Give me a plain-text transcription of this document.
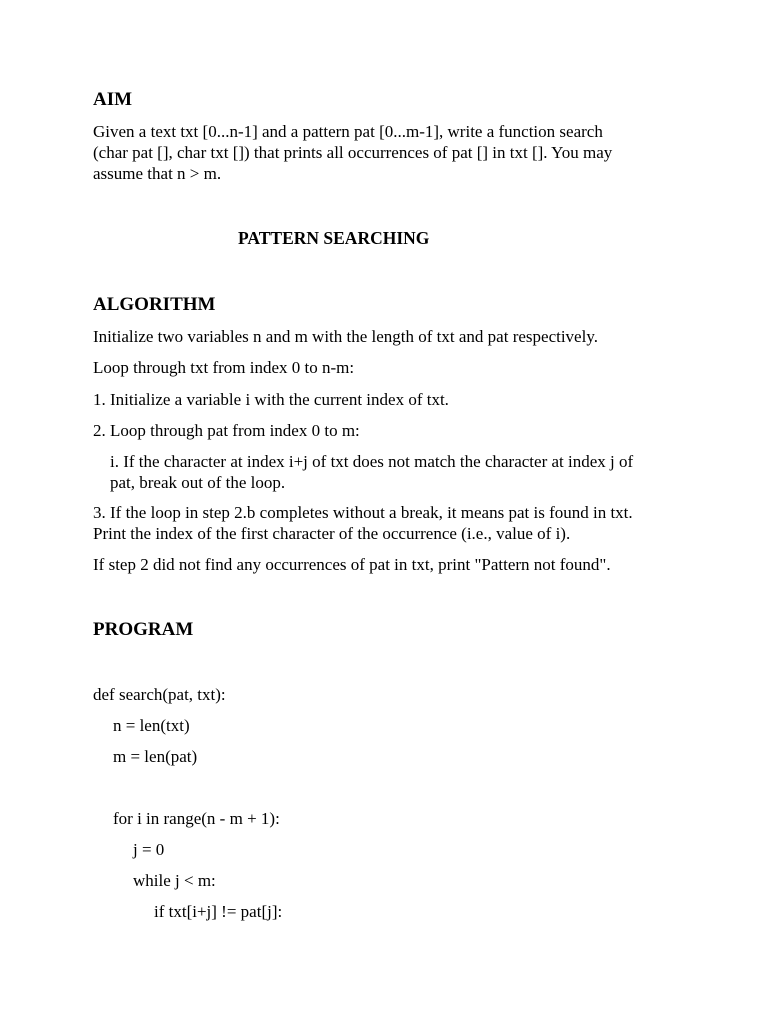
AIM
Given a text txt [0...n-1] and a pattern pat [0...m-1], write a function search
(char pat [], char txt []) that prints all occurrences of pat [] in txt []. You may
assume that n > m.
PATTERN SEARCHING
ALGORITHM
Initialize two variables n and m with the length of txt and pat respectively.
Loop through txt from index 0 to n-m:
1. Initialize a variable i with the current index of txt.
2. Loop through pat from index 0 to m:
i. If the character at index i+j of txt does not match the character at index j of
pat, break out of the loop.
3. If the loop in step 2.b completes without a break, it means pat is found in txt.
Print the index of the first character of the occurrence (i.e., value of i).
If step 2 did not find any occurrences of pat in txt, print "Pattern not found".
PROGRAM
def search(pat, txt):
n = len(txt)
m = len(pat)
for i in range(n - m + 1):
j = 0
while j < m:
if txt[i+j] != pat[j]:
